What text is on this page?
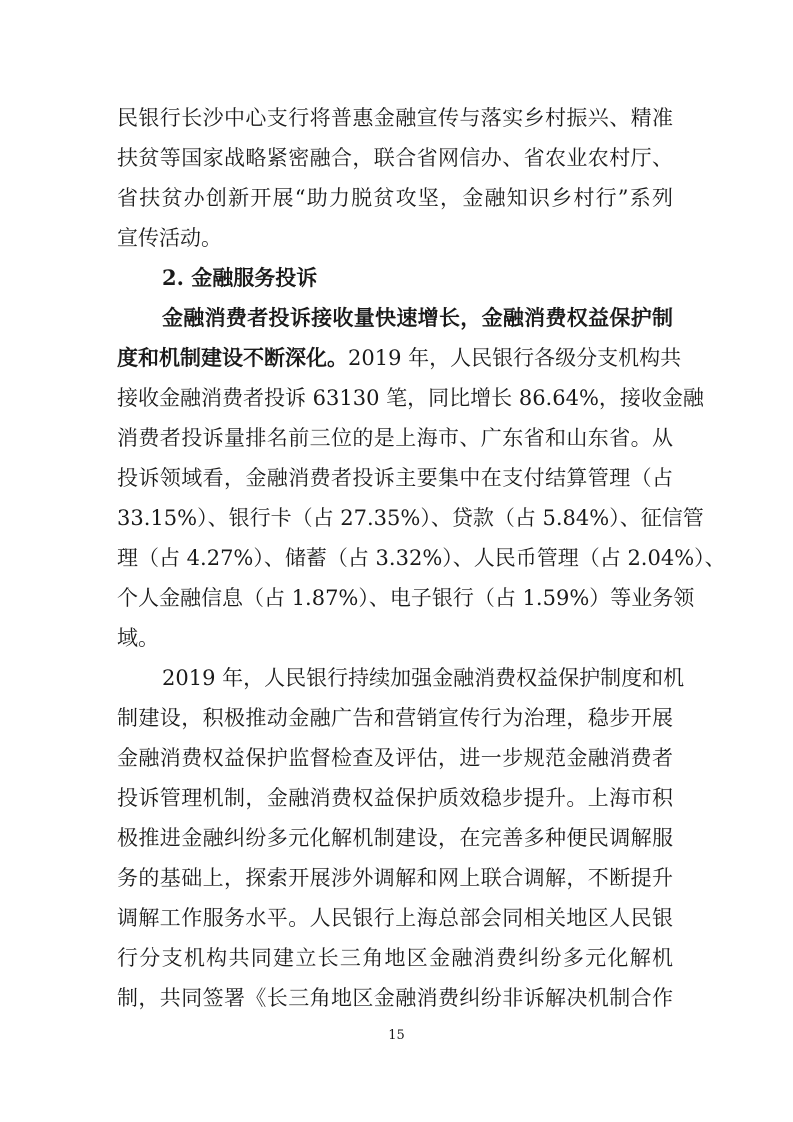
民银行长沙中心支行将普惠金融宣传与落实乡村振兴、精准
扶贫等国家战略紧密融合，联合省网信办、省农业农村厅、
省扶贫办创新开展“助力脱贫攻坚，金融知识乡村行”系列
宣传活动。
2. 金融服务投诉
金融消费者投诉接收量快速增长，金融消费权益保护制
度和机制建设不断深化。2019 年，人民银行各级分支机构共
接收金融消费者投诉 63130 笔，同比增长 86.64%，接收金融
消费者投诉量排名前三位的是上海市、广东省和山东省。从
投诉领域看，金融消费者投诉主要集中在支付结算管理（占
33.15%）、银行卡（占 27.35%）、贷款（占 5.84%）、征信管
理（占 4.27%）、储蓄（占 3.32%）、人民币管理（占 2.04%）、
个人金融信息（占 1.87%）、电子银行（占 1.59%）等业务领
域。
2019 年，人民银行持续加强金融消费权益保护制度和机
制建设，积极推动金融广告和营销宣传行为治理，稳步开展
金融消费权益保护监督检查及评估，进一步规范金融消费者
投诉管理机制，金融消费权益保护质效稳步提升。上海市积
极推进金融纠纷多元化解机制建设，在完善多种便民调解服
务的基础上，探索开展涉外调解和网上联合调解，不断提升
调解工作服务水平。人民银行上海总部会同相关地区人民银
行分支机构共同建立长三角地区金融消费纠纷多元化解机
制，共同签署《长三角地区金融消费纠纷非诉解决机制合作
15
